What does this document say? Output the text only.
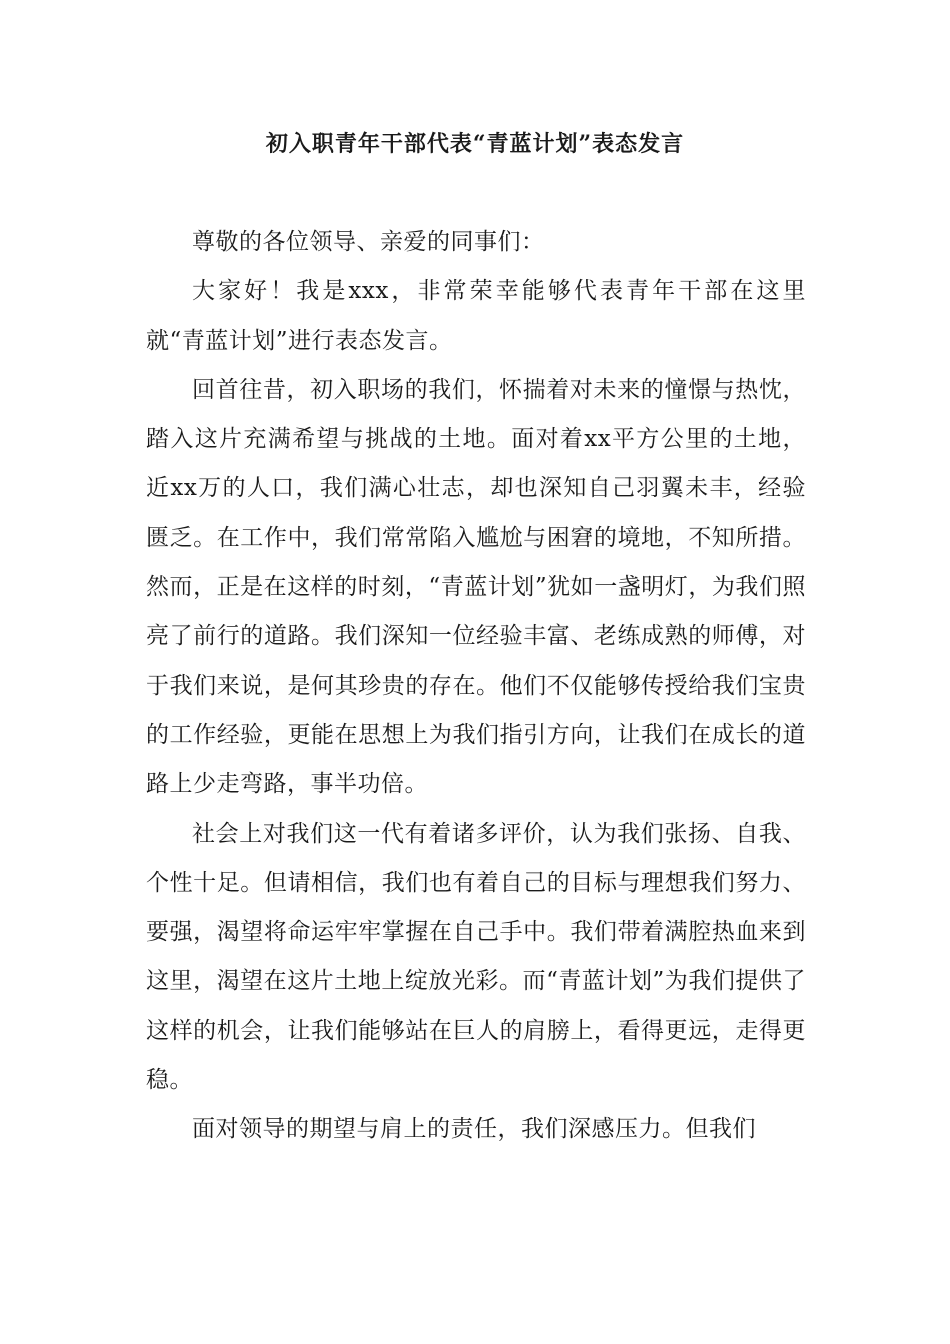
初入职青年干部代表“青蓝计划”表态发言

尊敬的各位领导、亲爱的同事们：

大家好！我是xxx，非常荣幸能够代表青年干部在这里就“青蓝计划”进行表态发言。

回首往昔，初入职场的我们，怀揣着对未来的憧憬与热忱，踏入这片充满希望与挑战的土地。面对着xx平方公里的土地，近xx万的人口，我们满心壮志，却也深知自己羽翼未丰，经验匮乏。在工作中，我们常常陷入尴尬与困窘的境地，不知所措。然而，正是在这样的时刻，“青蓝计划”犹如一盏明灯，为我们照亮了前行的道路。我们深知一位经验丰富、老练成熟的师傅，对于我们来说，是何其珍贵的存在。他们不仅能够传授给我们宝贵的工作经验，更能在思想上为我们指引方向，让我们在成长的道路上少走弯路，事半功倍。

社会上对我们这一代有着诸多评价，认为我们张扬、自我、个性十足。但请相信，我们也有着自己的目标与理想我们努力、要强，渴望将命运牢牢掌握在自己手中。我们带着满腔热血来到这里，渴望在这片土地上绽放光彩。而“青蓝计划”为我们提供了这样的机会，让我们能够站在巨人的肩膀上，看得更远，走得更稳。

面对领导的期望与肩上的责任，我们深感压力。但我们
